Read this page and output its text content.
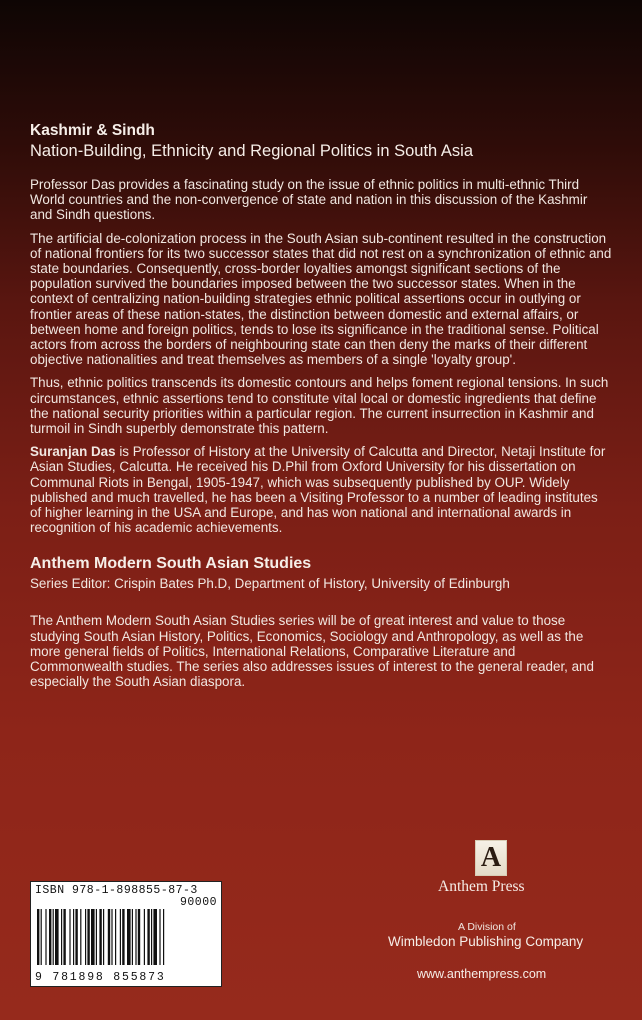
Kashmir & Sindh
Nation-Building, Ethnicity and Regional Politics in South Asia

Professor Das provides a fascinating study on the issue of ethnic politics in multi-ethnic Third World countries and the non-convergence of state and nation in this discussion of the Kashmir and Sindh questions.

The artificial de-colonization process in the South Asian sub-continent resulted in the construction of national frontiers for its two successor states that did not rest on a synchronization of ethnic and state boundaries. Consequently, cross-border loyalties amongst significant sections of the population survived the boundaries imposed between the two successor states. When in the context of centralizing nation-building strategies ethnic political assertions occur in outlying or frontier areas of these nation-states, the distinction between domestic and external affairs, or between home and foreign politics, tends to lose its significance in the traditional sense. Political actors from across the borders of neighbouring state can then deny the marks of their different objective nationalities and treat themselves as members of a single 'loyalty group'.

Thus, ethnic politics transcends its domestic contours and helps foment regional tensions. In such circumstances, ethnic assertions tend to constitute vital local or domestic ingredients that define the national security priorities within a particular region. The current insurrection in Kashmir and turmoil in Sindh superbly demonstrate this pattern.

Suranjan Das is Professor of History at the University of Calcutta and Director, Netaji Institute for Asian Studies, Calcutta. He received his D.Phil from Oxford University for his dissertation on Communal Riots in Bengal, 1905-1947, which was subsequently published by OUP. Widely published and much travelled, he has been a Visiting Professor to a number of leading institutes of higher learning in the USA and Europe, and has won national and international awards in recognition of his academic achievements.

Anthem Modern South Asian Studies
Series Editor: Crispin Bates Ph.D, Department of History, University of Edinburgh

The Anthem Modern South Asian Studies series will be of great interest and value to those studying South Asian History, Politics, Economics, Sociology and Anthropology, as well as the more general fields of Politics, International Relations, Comparative Literature and Commonwealth studies. The series also addresses issues of interest to the general reader, and especially the South Asian diaspora.

ISBN 978-1-898855-87-3
90000
9 781898 855873
A
Anthem Press
A Division of
Wimbledon Publishing Company
www.anthempress.com
